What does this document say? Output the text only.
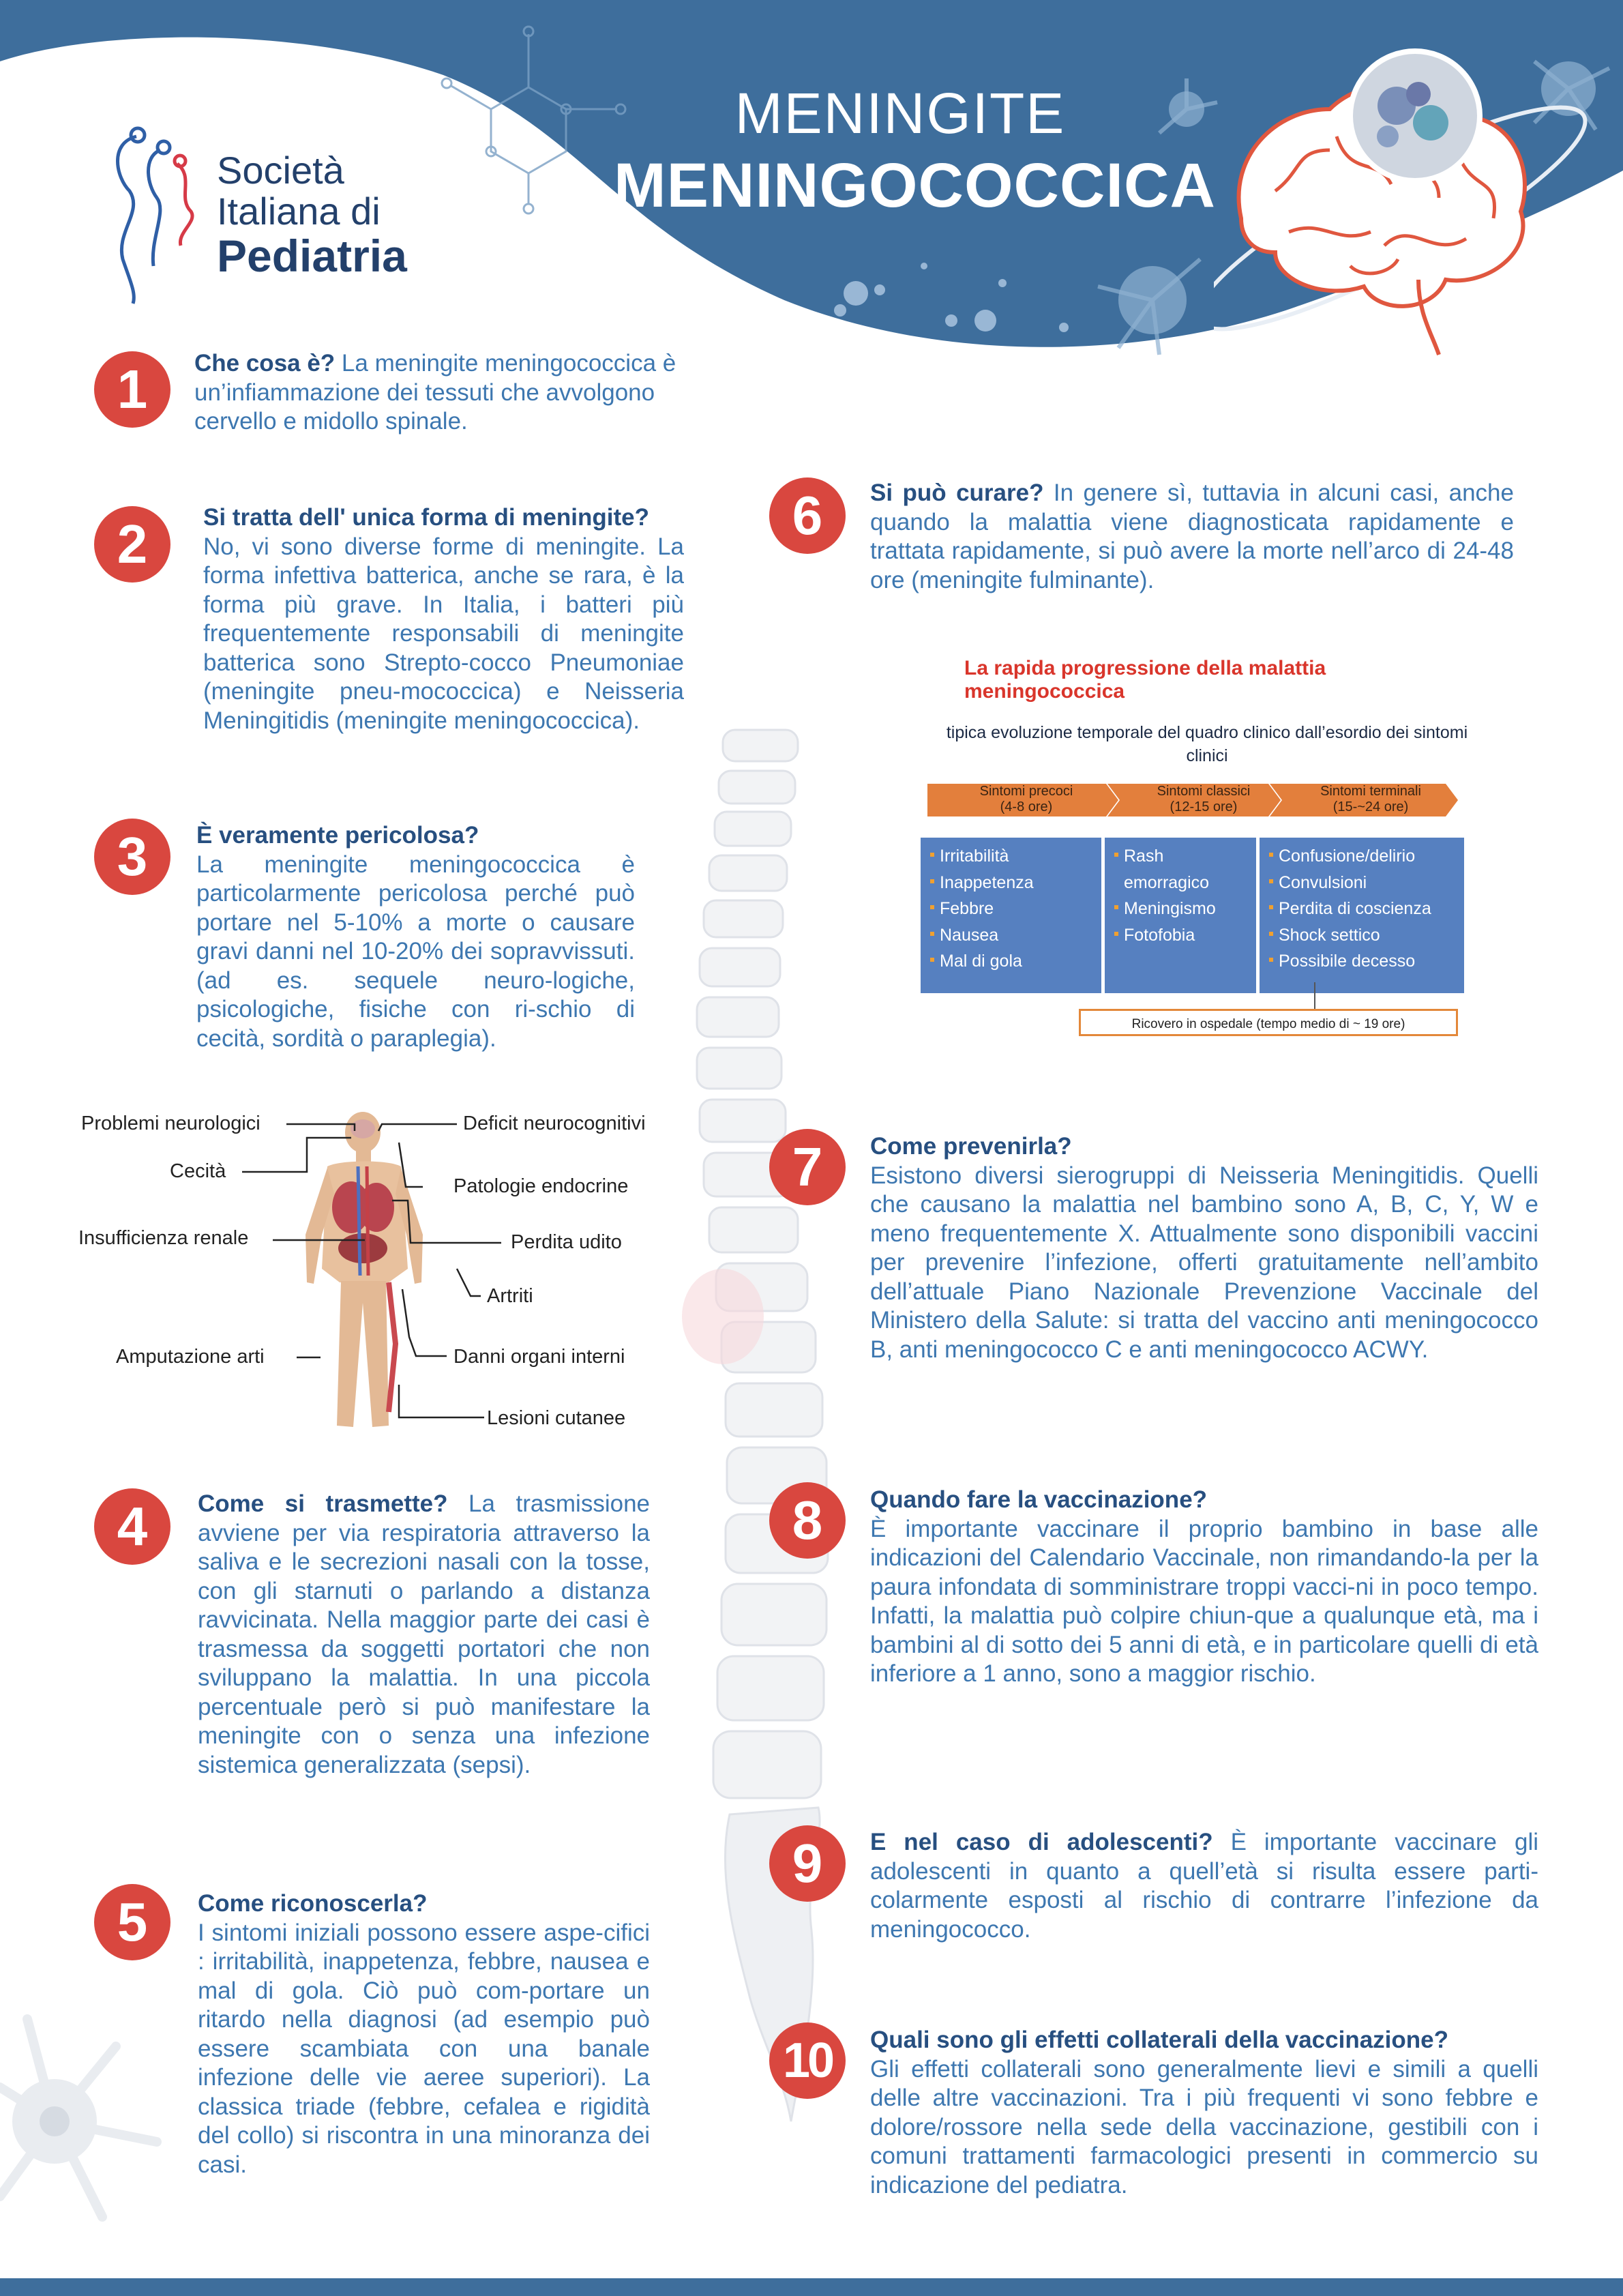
Società
Italiana di
Pediatria
MENINGITE
MENINGOCOCCICA
1	Che cosa è? La meningite meningococcica è un’infiammazione dei tessuti che avvolgono cervello e midollo spinale.
2	Si tratta dell' unica forma di meningite?
No, vi sono diverse forme di meningite. La forma infettiva batterica, anche se rara, è la forma più grave. In Italia, i batteri più frequentemente responsabili di meningite batterica sono Strepto-cocco Pneumoniae (meningite pneu-mococcica) e Neisseria Meningitidis (meningite meningococcica).
3	È veramente pericolosa?
La meningite meningococcica è particolarmente pericolosa perché può portare nel 5-10% a morte o causare gravi danni nel 10-20% dei sopravvissuti. (ad es. sequele neuro-logiche, psicologiche, fisiche con ri-schio di cecità, sordità o paraplegia).
Problemi neurologici	Deficit neurocognitivi
Cecità
Patologie endocrine
Insufficienza renale	Perdita udito
Artriti
Amputazione arti	Danni organi interni
Lesioni cutanee
4	Come si trasmette? La trasmissione avviene per via respiratoria attraverso la saliva e le secrezioni nasali con la tosse, con gli starnuti o parlando a distanza ravvicinata. Nella maggior parte dei casi è trasmessa da soggetti portatori che non sviluppano la malattia. In una piccola percentuale però si può manifestare la meningite con o senza una infezione sistemica generalizzata (sepsi).
5	Come riconoscerla?
I sintomi iniziali possono essere aspe-cifici : irritabilità, inappetenza, febbre, nausea e mal di gola. Ciò può com-portare un ritardo nella diagnosi (ad esempio può essere scambiata con una banale infezione delle vie aeree superiori). La classica triade (febbre, cefalea e rigidità del collo) si riscontra in una minoranza dei casi.
6	Si può curare? In genere sì, tuttavia in alcuni casi, anche quando la malattia viene diagnosticata rapidamente e trattata rapidamente, si può avere la morte nell’arco di 24-48 ore (meningite fulminante).
La rapida progressione della malattia meningococcica
tipica evoluzione temporale del quadro clinico dall’esordio dei sintomi clinici
Sintomi precoci
(4-8 ore)
Sintomi classici
(12-15 ore)
Sintomi terminali
(15-~24 ore)
Irritabilità
Inappetenza
Febbre
Nausea
Mal di gola
Rash emorragico
Meningismo
Fotofobia
Confusione/delirio
Convulsioni
Perdita di coscienza
Shock settico
Possibile decesso
Ricovero in ospedale (tempo medio di ~ 19 ore)
7	Come prevenirla?
Esistono diversi sierogruppi di Neisseria Meningitidis. Quelli che causano la malattia nel bambino sono A, B, C, Y, W e meno frequentemente X. Attualmente sono disponibili vaccini per prevenire l’infezione, offerti gratuitamente nell’ambito dell’attuale Piano Nazionale Prevenzione Vaccinale del Ministero della Salute: si tratta del vaccino anti meningococco B, anti meningococco C e anti meningococco ACWY.
8	Quando fare la vaccinazione?
È importante vaccinare il proprio bambino in base alle indicazioni del Calendario Vaccinale, non rimandando-la per la paura infondata di somministrare troppi vacci-ni in poco tempo. Infatti, la malattia può colpire chiun-que a qualunque età, ma i bambini al di sotto dei 5 anni di età, e in particolare quelli di età inferiore a 1 anno, sono a maggior rischio.
9	E nel caso di adolescenti? È importante vaccinare gli adolescenti in quanto a quell’età si risulta essere parti-colarmente esposti al rischio di contrarre l’infezione da meningococco.
10	Quali sono gli effetti collaterali della vaccinazione?
Gli effetti collaterali sono generalmente lievi e simili a quelli delle altre vaccinazioni. Tra i più frequenti vi sono febbre e dolore/rossore nella sede della vaccinazione, gestibili con i comuni trattamenti farmacologici presenti in commercio su indicazione del pediatra.
